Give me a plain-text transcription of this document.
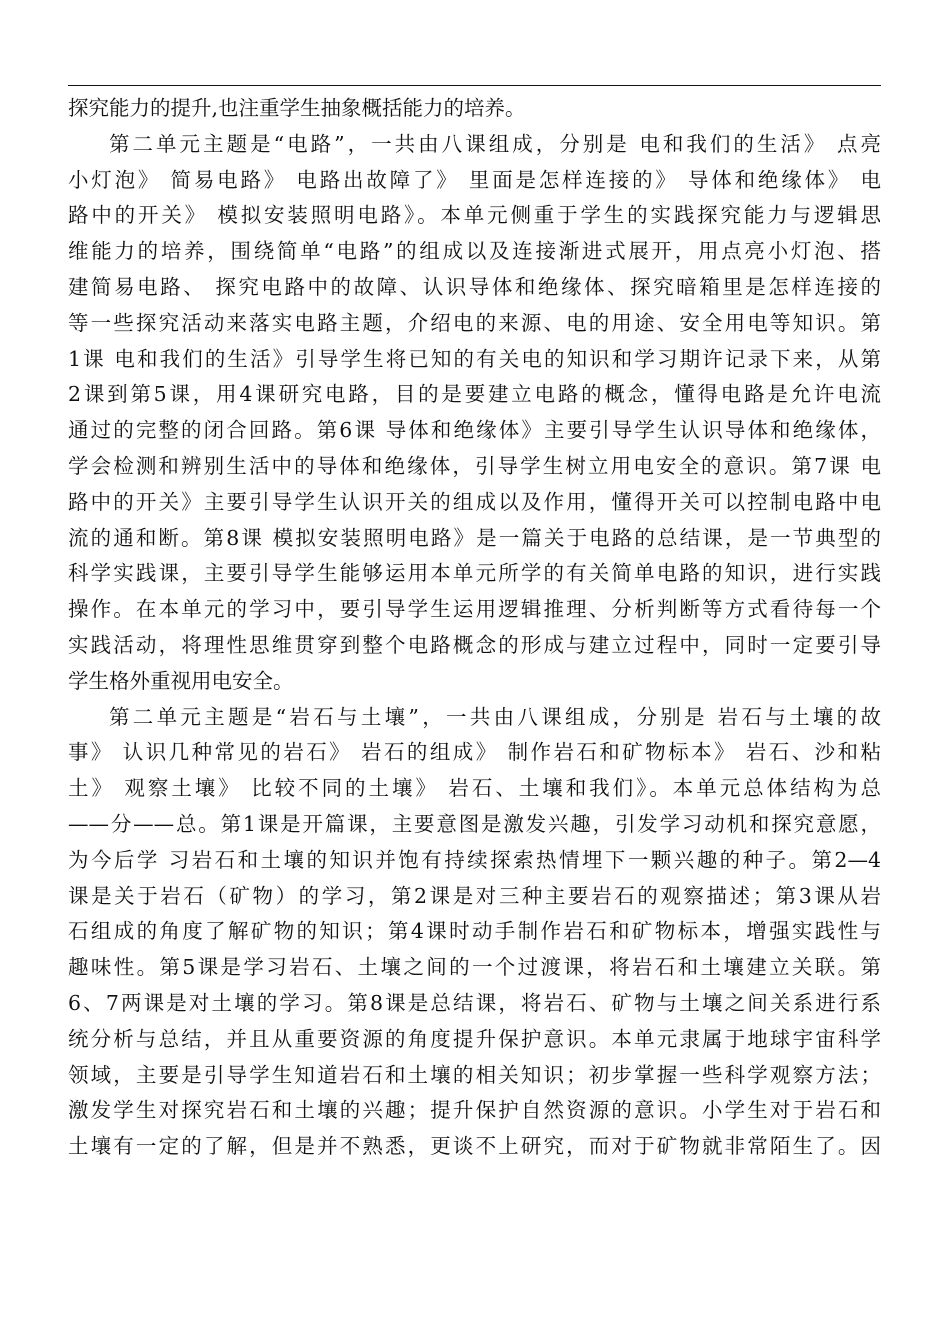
探究能力的提升,也注重学生抽象概括能力的培养。
第二单元主题是“电路”，一共由八课组成，分别是 电和我们的生活》 点亮
小灯泡》 简易电路》 电路出故障了》 里面是怎样连接的》 导体和绝缘体》 电
路中的开关》 模拟安装照明电路》。本单元侧重于学生的实践探究能力与逻辑思
维能力的培养，围绕简单“电路”的组成以及连接渐进式展开，用点亮小灯泡、搭
建简易电路、 探究电路中的故障、认识导体和绝缘体、探究暗箱里是怎样连接的
等一些探究活动来落实电路主题，介绍电的来源、电的用途、安全用电等知识。第
1课 电和我们的生活》引导学生将已知的有关电的知识和学习期许记录下来，从第
2课到第5课，用4课研究电路，目的是要建立电路的概念，懂得电路是允许电流
通过的完整的闭合回路。第6课 导体和绝缘体》主要引导学生认识导体和绝缘体，
学会检测和辨别生活中的导体和绝缘体，引导学生树立用电安全的意识。第7课 电
路中的开关》主要引导学生认识开关的组成以及作用，懂得开关可以控制电路中电
流的通和断。第8课 模拟安装照明电路》是一篇关于电路的总结课，是一节典型的
科学实践课，主要引导学生能够运用本单元所学的有关简单电路的知识，进行实践
操作。在本单元的学习中，要引导学生运用逻辑推理、分析判断等方式看待每一个
实践活动，将理性思维贯穿到整个电路概念的形成与建立过程中，同时一定要引导
学生格外重视用电安全。
第二单元主题是“岩石与土壤”，一共由八课组成，分别是 岩石与土壤的故
事》 认识几种常见的岩石》 岩石的组成》 制作岩石和矿物标本》 岩石、沙和粘
土》 观察土壤》 比较不同的土壤》 岩石、土壤和我们》。本单元总体结构为总
——分——总。第1课是开篇课，主要意图是激发兴趣，引发学习动机和探究意愿，
为今后学 习岩石和土壤的知识并饱有持续探索热情埋下一颗兴趣的种子。第2—4
课是关于岩石（矿物）的学习，第2课是对三种主要岩石的观察描述；第3课从岩
石组成的角度了解矿物的知识；第4课时动手制作岩石和矿物标本，增强实践性与
趣味性。第5课是学习岩石、土壤之间的一个过渡课，将岩石和土壤建立关联。第
6、7两课是对土壤的学习。第8课是总结课，将岩石、矿物与土壤之间关系进行系
统分析与总结，并且从重要资源的角度提升保护意识。本单元隶属于地球宇宙科学
领域，主要是引导学生知道岩石和土壤的相关知识；初步掌握一些科学观察方法；
激发学生对探究岩石和土壤的兴趣；提升保护自然资源的意识。小学生对于岩石和
土壤有一定的了解，但是并不熟悉，更谈不上研究，而对于矿物就非常陌生了。因
